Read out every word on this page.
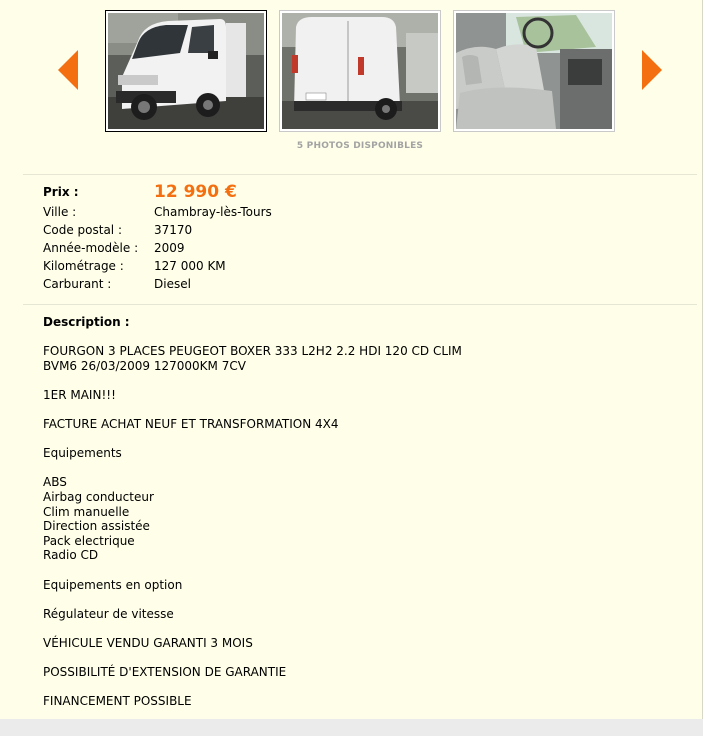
5 PHOTOS DISPONIBLES
Prix :	12 990 €
Ville :	Chambray-lès-Tours
Code postal :	37170
Année-modèle : 2009
Kilométrage :	127 000 KM
Carburant :	Diesel
Description :

FOURGON 3 PLACES PEUGEOT BOXER 333 L2H2 2.2 HDI 120 CD CLIM
BVM6 26/03/2009 127000KM 7CV

1ER MAIN!!!

FACTURE ACHAT NEUF ET TRANSFORMATION 4X4

Equipements

ABS
Airbag conducteur
Clim manuelle
Direction assistée
Pack electrique
Radio CD

Equipements en option

Régulateur de vitesse

VÉHICULE VENDU GARANTI 3 MOIS

POSSIBILITÉ D'EXTENSION DE GARANTIE

FINANCEMENT POSSIBLE
